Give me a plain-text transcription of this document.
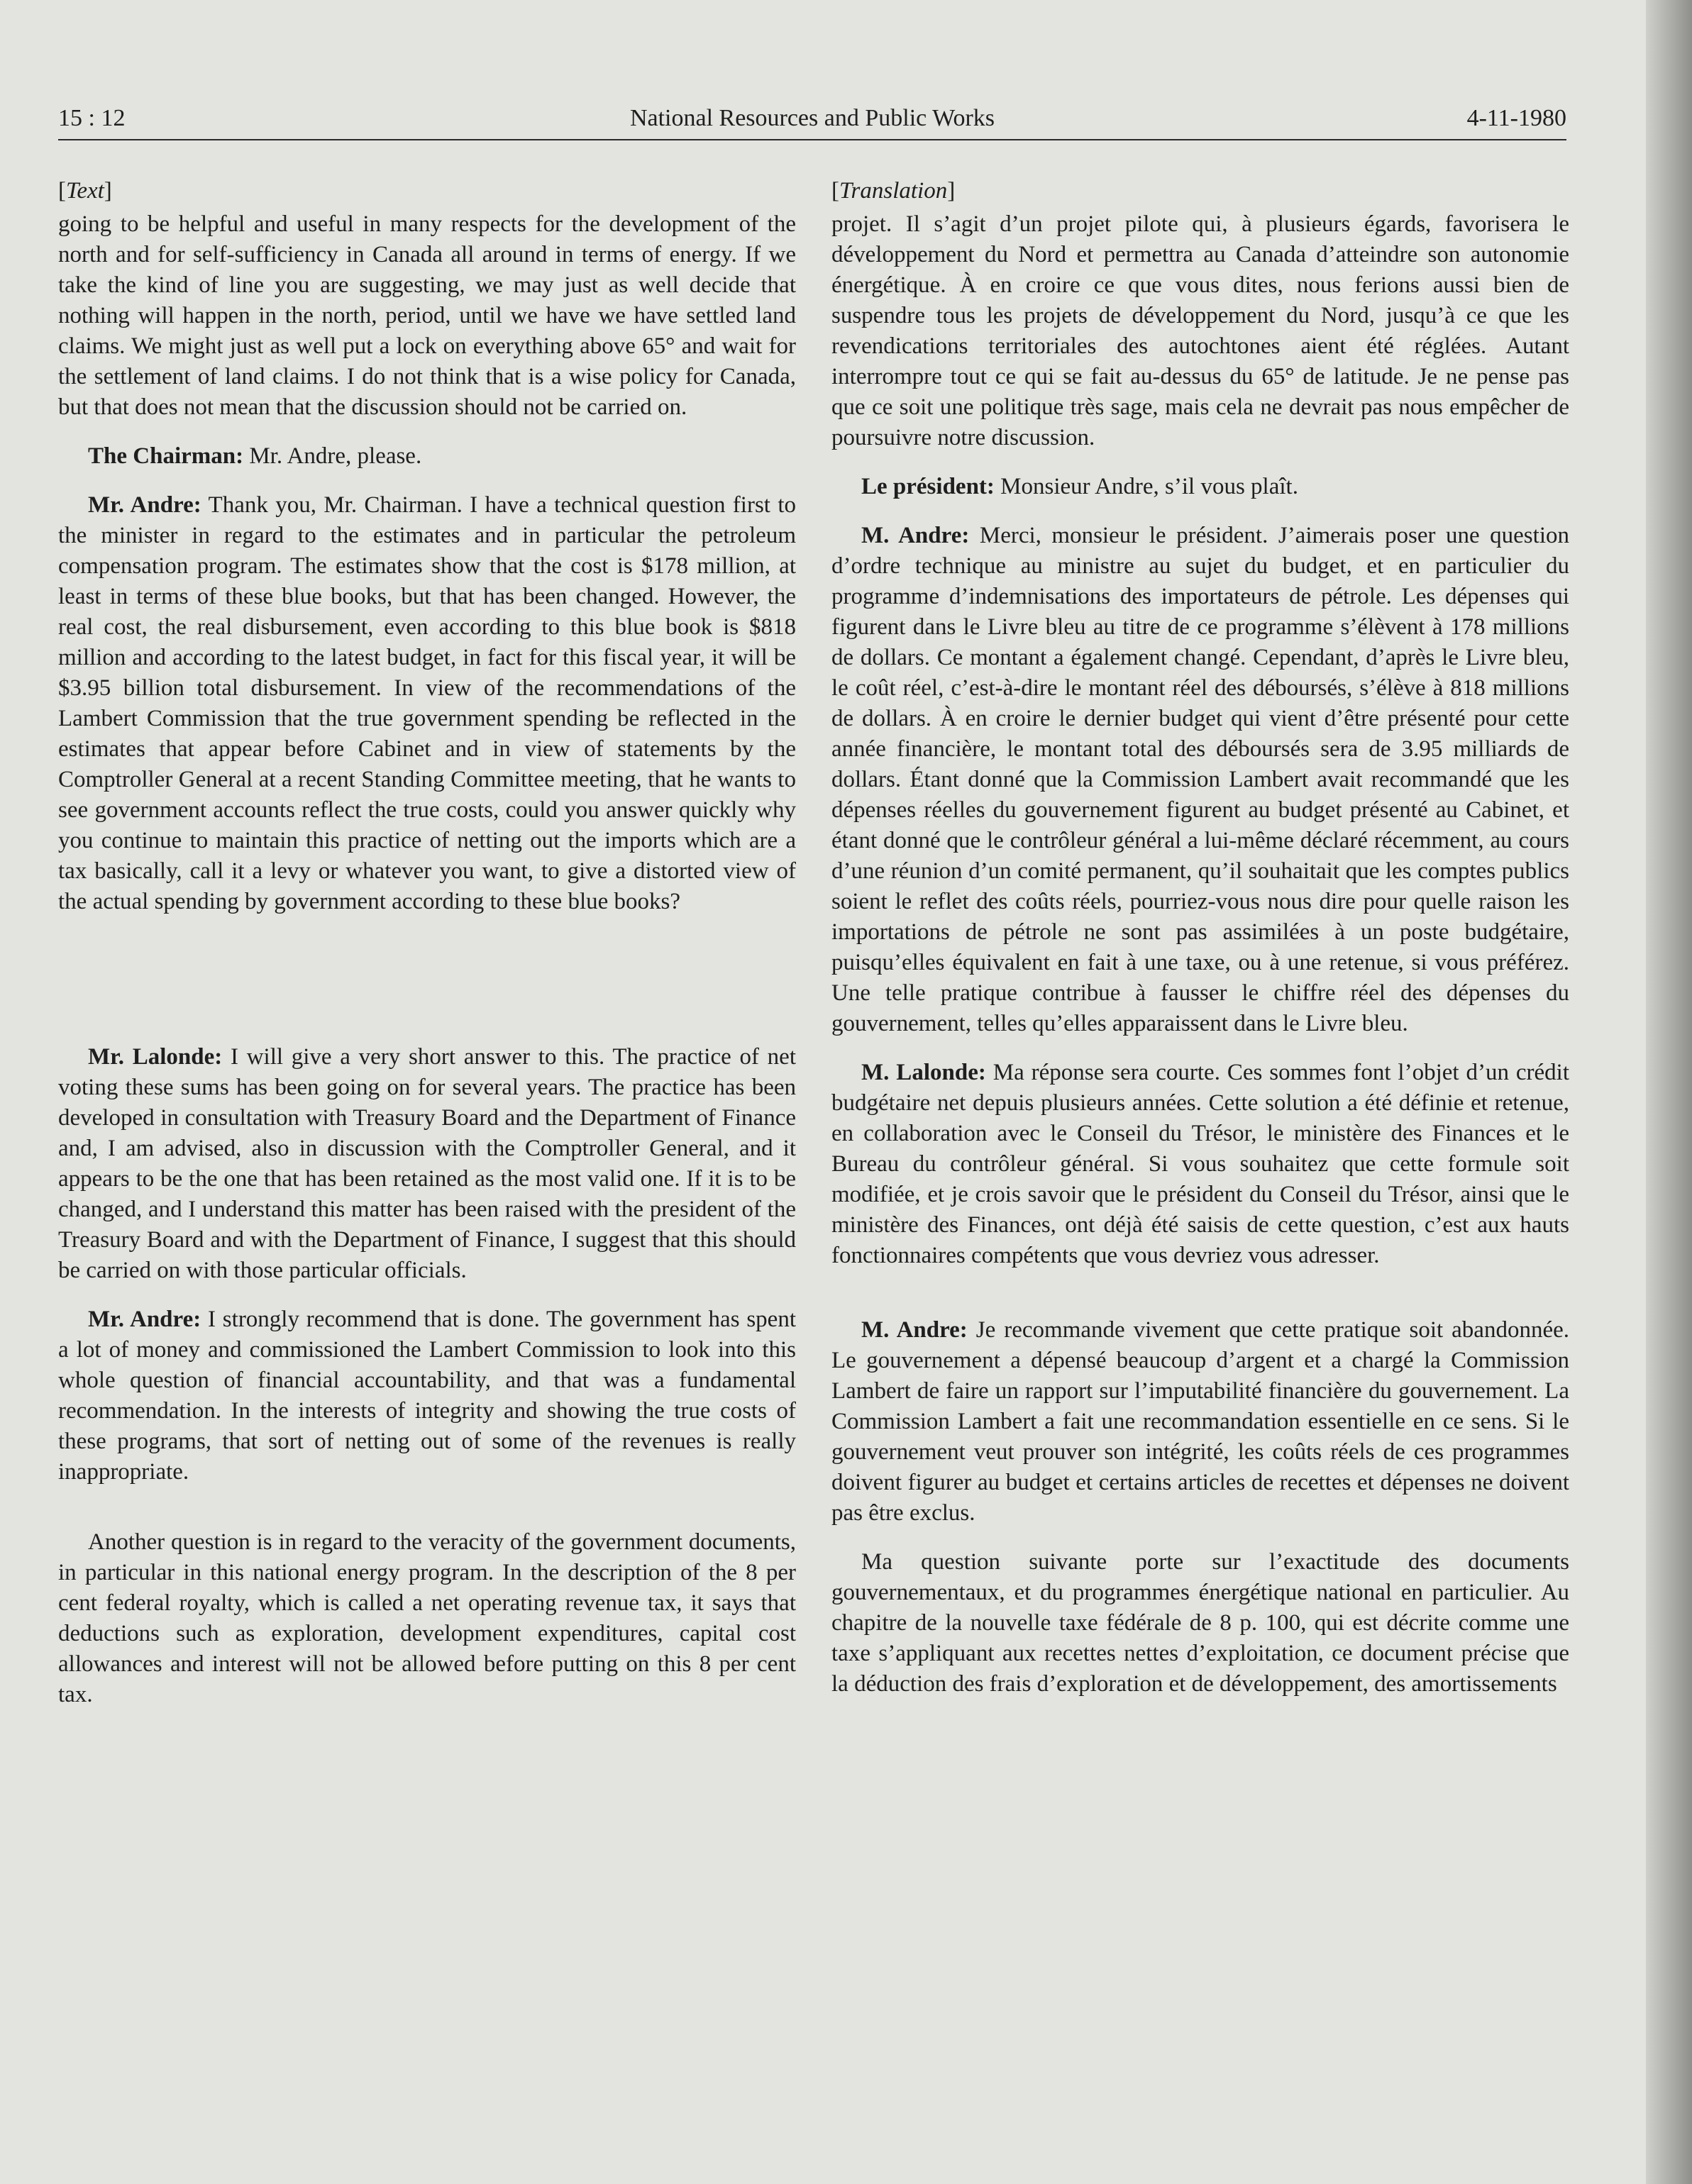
15 : 12	National Resources and Public Works	4-11-1980
[Text]

going to be helpful and useful in many respects for the development of the north and for self-sufficiency in Canada all around in terms of energy. If we take the kind of line you are suggesting, we may just as well decide that nothing will happen in the north, period, until we have we have settled land claims. We might just as well put a lock on everything above 65° and wait for the settlement of land claims. I do not think that is a wise policy for Canada, but that does not mean that the discussion should not be carried on.

The Chairman: Mr. Andre, please.

Mr. Andre: Thank you, Mr. Chairman. I have a technical question first to the minister in regard to the estimates and in particular the petroleum compensation program. The estimates show that the cost is $178 million, at least in terms of these blue books, but that has been changed. However, the real cost, the real disbursement, even according to this blue book is $818 million and according to the latest budget, in fact for this fiscal year, it will be $3.95 billion total disbursement. In view of the recommendations of the Lambert Commission that the true government spending be reflected in the estimates that appear before Cabinet and in view of statements by the Comptroller General at a recent Standing Committee meeting, that he wants to see government accounts reflect the true costs, could you answer quickly why you continue to maintain this practice of netting out the imports which are a tax basically, call it a levy or whatever you want, to give a distorted view of the actual spending by government according to these blue books?

Mr. Lalonde: I will give a very short answer to this. The practice of net voting these sums has been going on for several years. The practice has been developed in consultation with Treasury Board and the Department of Finance and, I am advised, also in discussion with the Comptroller General, and it appears to be the one that has been retained as the most valid one. If it is to be changed, and I understand this matter has been raised with the president of the Treasury Board and with the Department of Finance, I suggest that this should be carried on with those particular officials.

Mr. Andre: I strongly recommend that is done. The government has spent a lot of money and commissioned the Lambert Commission to look into this whole question of financial accountability, and that was a fundamental recommendation. In the interests of integrity and showing the true costs of these programs, that sort of netting out of some of the revenues is really inappropriate.

Another question is in regard to the veracity of the government documents, in particular in this national energy program. In the description of the 8 per cent federal royalty, which is called a net operating revenue tax, it says that deductions such as exploration, development expenditures, capital cost allowances and interest will not be allowed before putting on this 8 per cent tax.

[Translation]

projet. Il s’agit d’un projet pilote qui, à plusieurs égards, favorisera le développement du Nord et permettra au Canada d’atteindre son autonomie énergétique. À en croire ce que vous dites, nous ferions aussi bien de suspendre tous les projets de développement du Nord, jusqu’à ce que les revendications territoriales des autochtones aient été réglées. Autant interrompre tout ce qui se fait au-dessus du 65° de latitude. Je ne pense pas que ce soit une politique très sage, mais cela ne devrait pas nous empêcher de poursuivre notre discussion.

Le président: Monsieur Andre, s’il vous plaît.

M. Andre: Merci, monsieur le président. J’aimerais poser une question d’ordre technique au ministre au sujet du budget, et en particulier du programme d’indemnisations des importateurs de pétrole. Les dépenses qui figurent dans le Livre bleu au titre de ce programme s’élèvent à 178 millions de dollars. Ce montant a également changé. Cependant, d’après le Livre bleu, le coût réel, c’est-à-dire le montant réel des déboursés, s’élève à 818 millions de dollars. À en croire le dernier budget qui vient d’être présenté pour cette année financière, le montant total des déboursés sera de 3.95 milliards de dollars. Étant donné que la Commission Lambert avait recommandé que les dépenses réelles du gouvernement figurent au budget présenté au Cabinet, et étant donné que le contrôleur général a lui-même déclaré récemment, au cours d’une réunion d’un comité permanent, qu’il souhaitait que les comptes publics soient le reflet des coûts réels, pourriez-vous nous dire pour quelle raison les importations de pétrole ne sont pas assimilées à un poste budgétaire, puisqu’elles équivalent en fait à une taxe, ou à une retenue, si vous préférez. Une telle pratique contribue à fausser le chiffre réel des dépenses du gouvernement, telles qu’elles apparaissent dans le Livre bleu.

M. Lalonde: Ma réponse sera courte. Ces sommes font l’objet d’un crédit budgétaire net depuis plusieurs années. Cette solution a été définie et retenue, en collaboration avec le Conseil du Trésor, le ministère des Finances et le Bureau du contrôleur général. Si vous souhaitez que cette formule soit modifiée, et je crois savoir que le président du Conseil du Trésor, ainsi que le ministère des Finances, ont déjà été saisis de cette question, c’est aux hauts fonctionnaires compétents que vous devriez vous adresser.

M. Andre: Je recommande vivement que cette pratique soit abandonnée. Le gouvernement a dépensé beaucoup d’argent et a chargé la Commission Lambert de faire un rapport sur l’imputabilité financière du gouvernement. La Commission Lambert a fait une recommandation essentielle en ce sens. Si le gouvernement veut prouver son intégrité, les coûts réels de ces programmes doivent figurer au budget et certains articles de recettes et dépenses ne doivent pas être exclus.

Ma question suivante porte sur l’exactitude des documents gouvernementaux, et du programmes énergétique national en particulier. Au chapitre de la nouvelle taxe fédérale de 8 p. 100, qui est décrite comme une taxe s’appliquant aux recettes nettes d’exploitation, ce document précise que la déduction des frais d’exploration et de développement, des amortissements
